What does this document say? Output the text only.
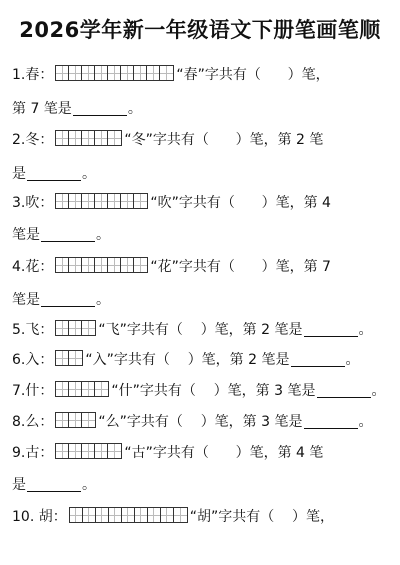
2026学年新一年级语文下册笔画笔顺
1. 春 ：	“春”字共有（
）笔，
第 7 笔是	。
2. 冬 ：	“冬”字共有（
）笔，第 2 笔
是	。
3. 吹 ：	“吹”字共有（
）笔，第 4
笔是	。
4. 花 ：	“花”字共有（
）笔，第 7
笔是	。
5. 飞 ：	“飞”字共有（
）笔，第 2 笔是	。
6. 入 ： “入”字共有（
）笔，第 2 笔是	。
7. 什 ：	“什”字共有（
）笔，第 3 笔是	。
8. 么 ：	“么”字共有（
）笔，第 3 笔是	。
9. 古 ：	“古”字共有（
）笔，第 4 笔
是	。
10.
胡 ：	“胡”字共有（
）笔，
